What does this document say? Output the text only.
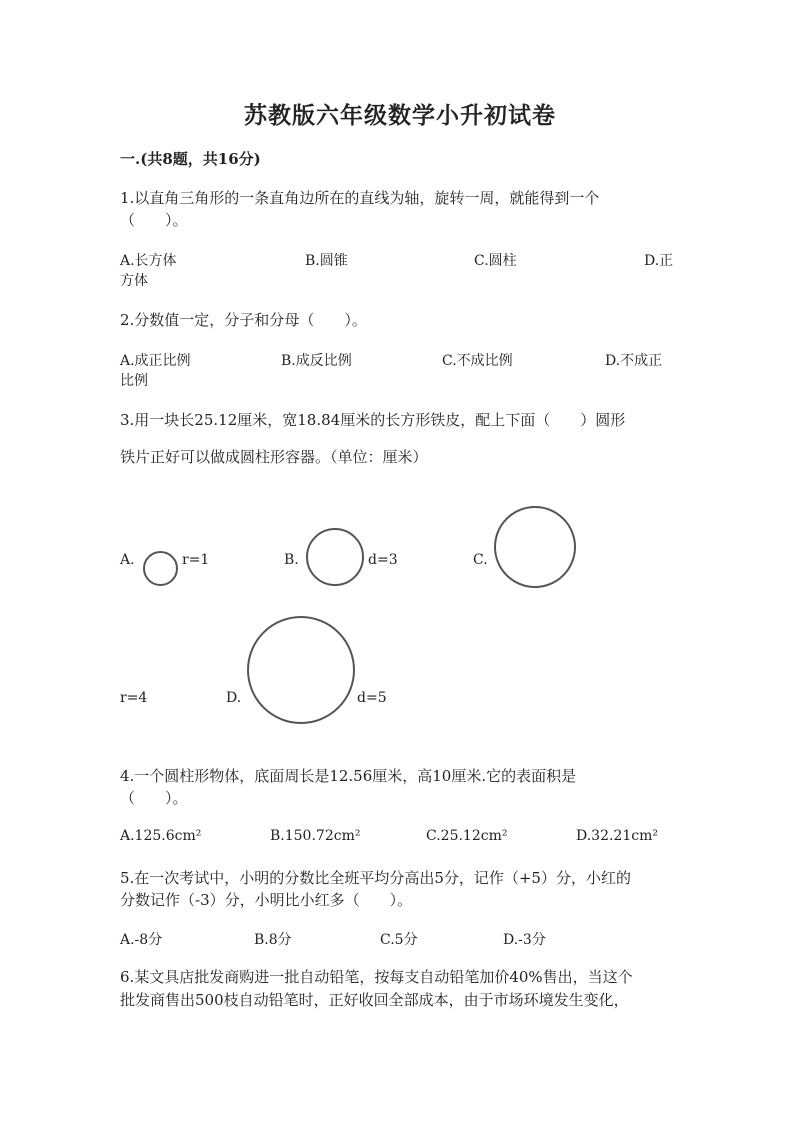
苏教版六年级数学小升初试卷
一.(共8题，共16分)
1.以直角三角形的一条直角边所在的直线为轴，旋转一周，就能得到一个
（　　）。
A.长方体	B.圆锥	C.圆柱	D.正
方体
2.分数值一定，分子和分母（　　）。
A.成正比例	B.成反比例	C.不成比例	D.不成正
比例
3.用一块长25.12厘米，宽18.84厘米的长方形铁皮，配上下面（　　）圆形
铁片正好可以做成圆柱形容器。（单位：厘米）
A.	r=1	B.	d=3	C.
r=4	D.	d=5
4.一个圆柱形物体，底面周长是12.56厘米，高10厘米.它的表面积是
（　　）。
A.125.6cm²	B.150.72cm²	C.25.12cm²	D.32.21cm²
5.在一次考试中，小明的分数比全班平均分高出5分，记作（+5）分，小红的
分数记作（-3）分，小明比小红多（　　）。
A.-8分	B.8分	C.5分	D.-3分
6.某文具店批发商购进一批自动铅笔，按每支自动铅笔加价40%售出，当这个
批发商售出500枝自动铅笔时，正好收回全部成本，由于市场环境发生变化，
